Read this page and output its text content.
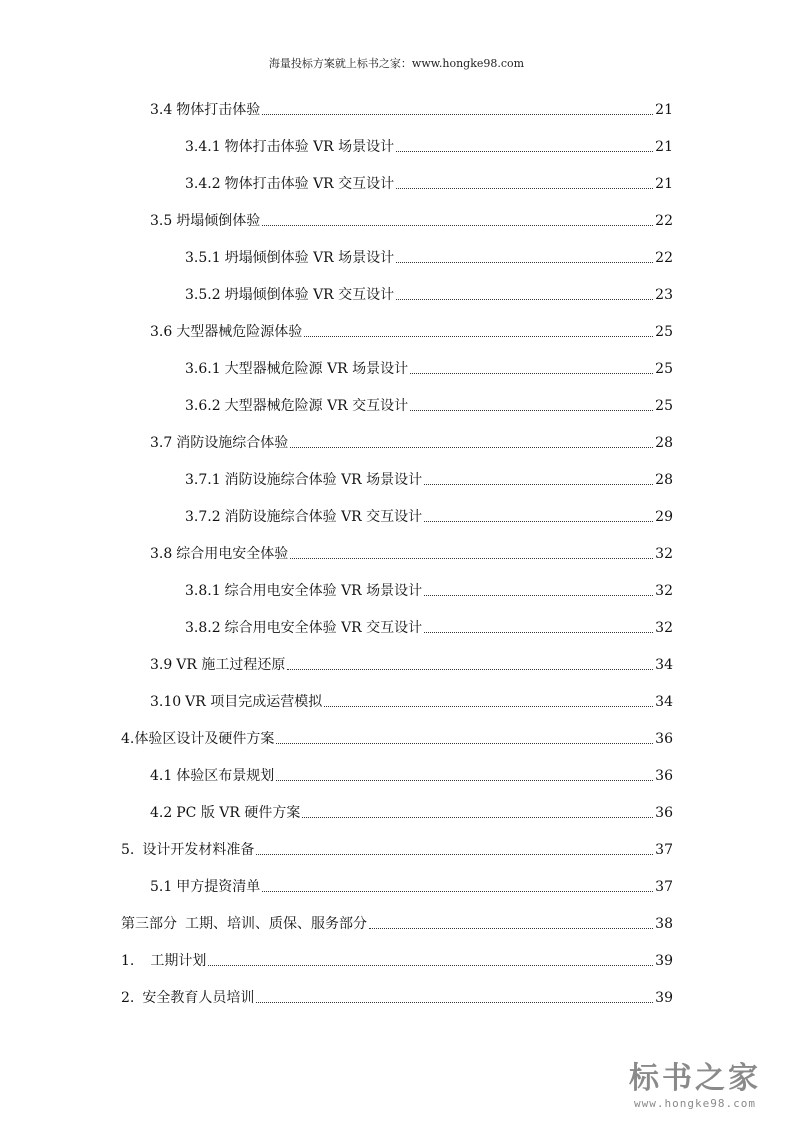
海量投标方案就上标书之家：www.hongke98.com
3.4 物体打击体验	21
3.4.1 物体打击体验 VR 场景设计	21
3.4.2 物体打击体验 VR 交互设计	21
3.5 坍塌倾倒体验	22
3.5.1 坍塌倾倒体验 VR 场景设计	22
3.5.2 坍塌倾倒体验 VR 交互设计	23
3.6 大型器械危险源体验	25
3.6.1 大型器械危险源 VR 场景设计	25
3.6.2 大型器械危险源 VR 交互设计	25
3.7 消防设施综合体验	28
3.7.1 消防设施综合体验 VR 场景设计	28
3.7.2 消防设施综合体验 VR 交互设计	29
3.8 综合用电安全体验	32
3.8.1 综合用电安全体验 VR 场景设计	32
3.8.2 综合用电安全体验 VR 交互设计	32
3.9 VR 施工过程还原	34
3.10 VR 项目完成运营模拟	34
4.体验区设计及硬件方案	36
4.1 体验区布景规划	36
4.2 PC 版 VR 硬件方案	36
5. 设计开发材料准备	37
5.1 甲方提资清单	37
第三部分 工期、培训、质保、服务部分	38
1. 工期计划	39
2. 安全教育人员培训	39
标书之家
www.hongke98.com
